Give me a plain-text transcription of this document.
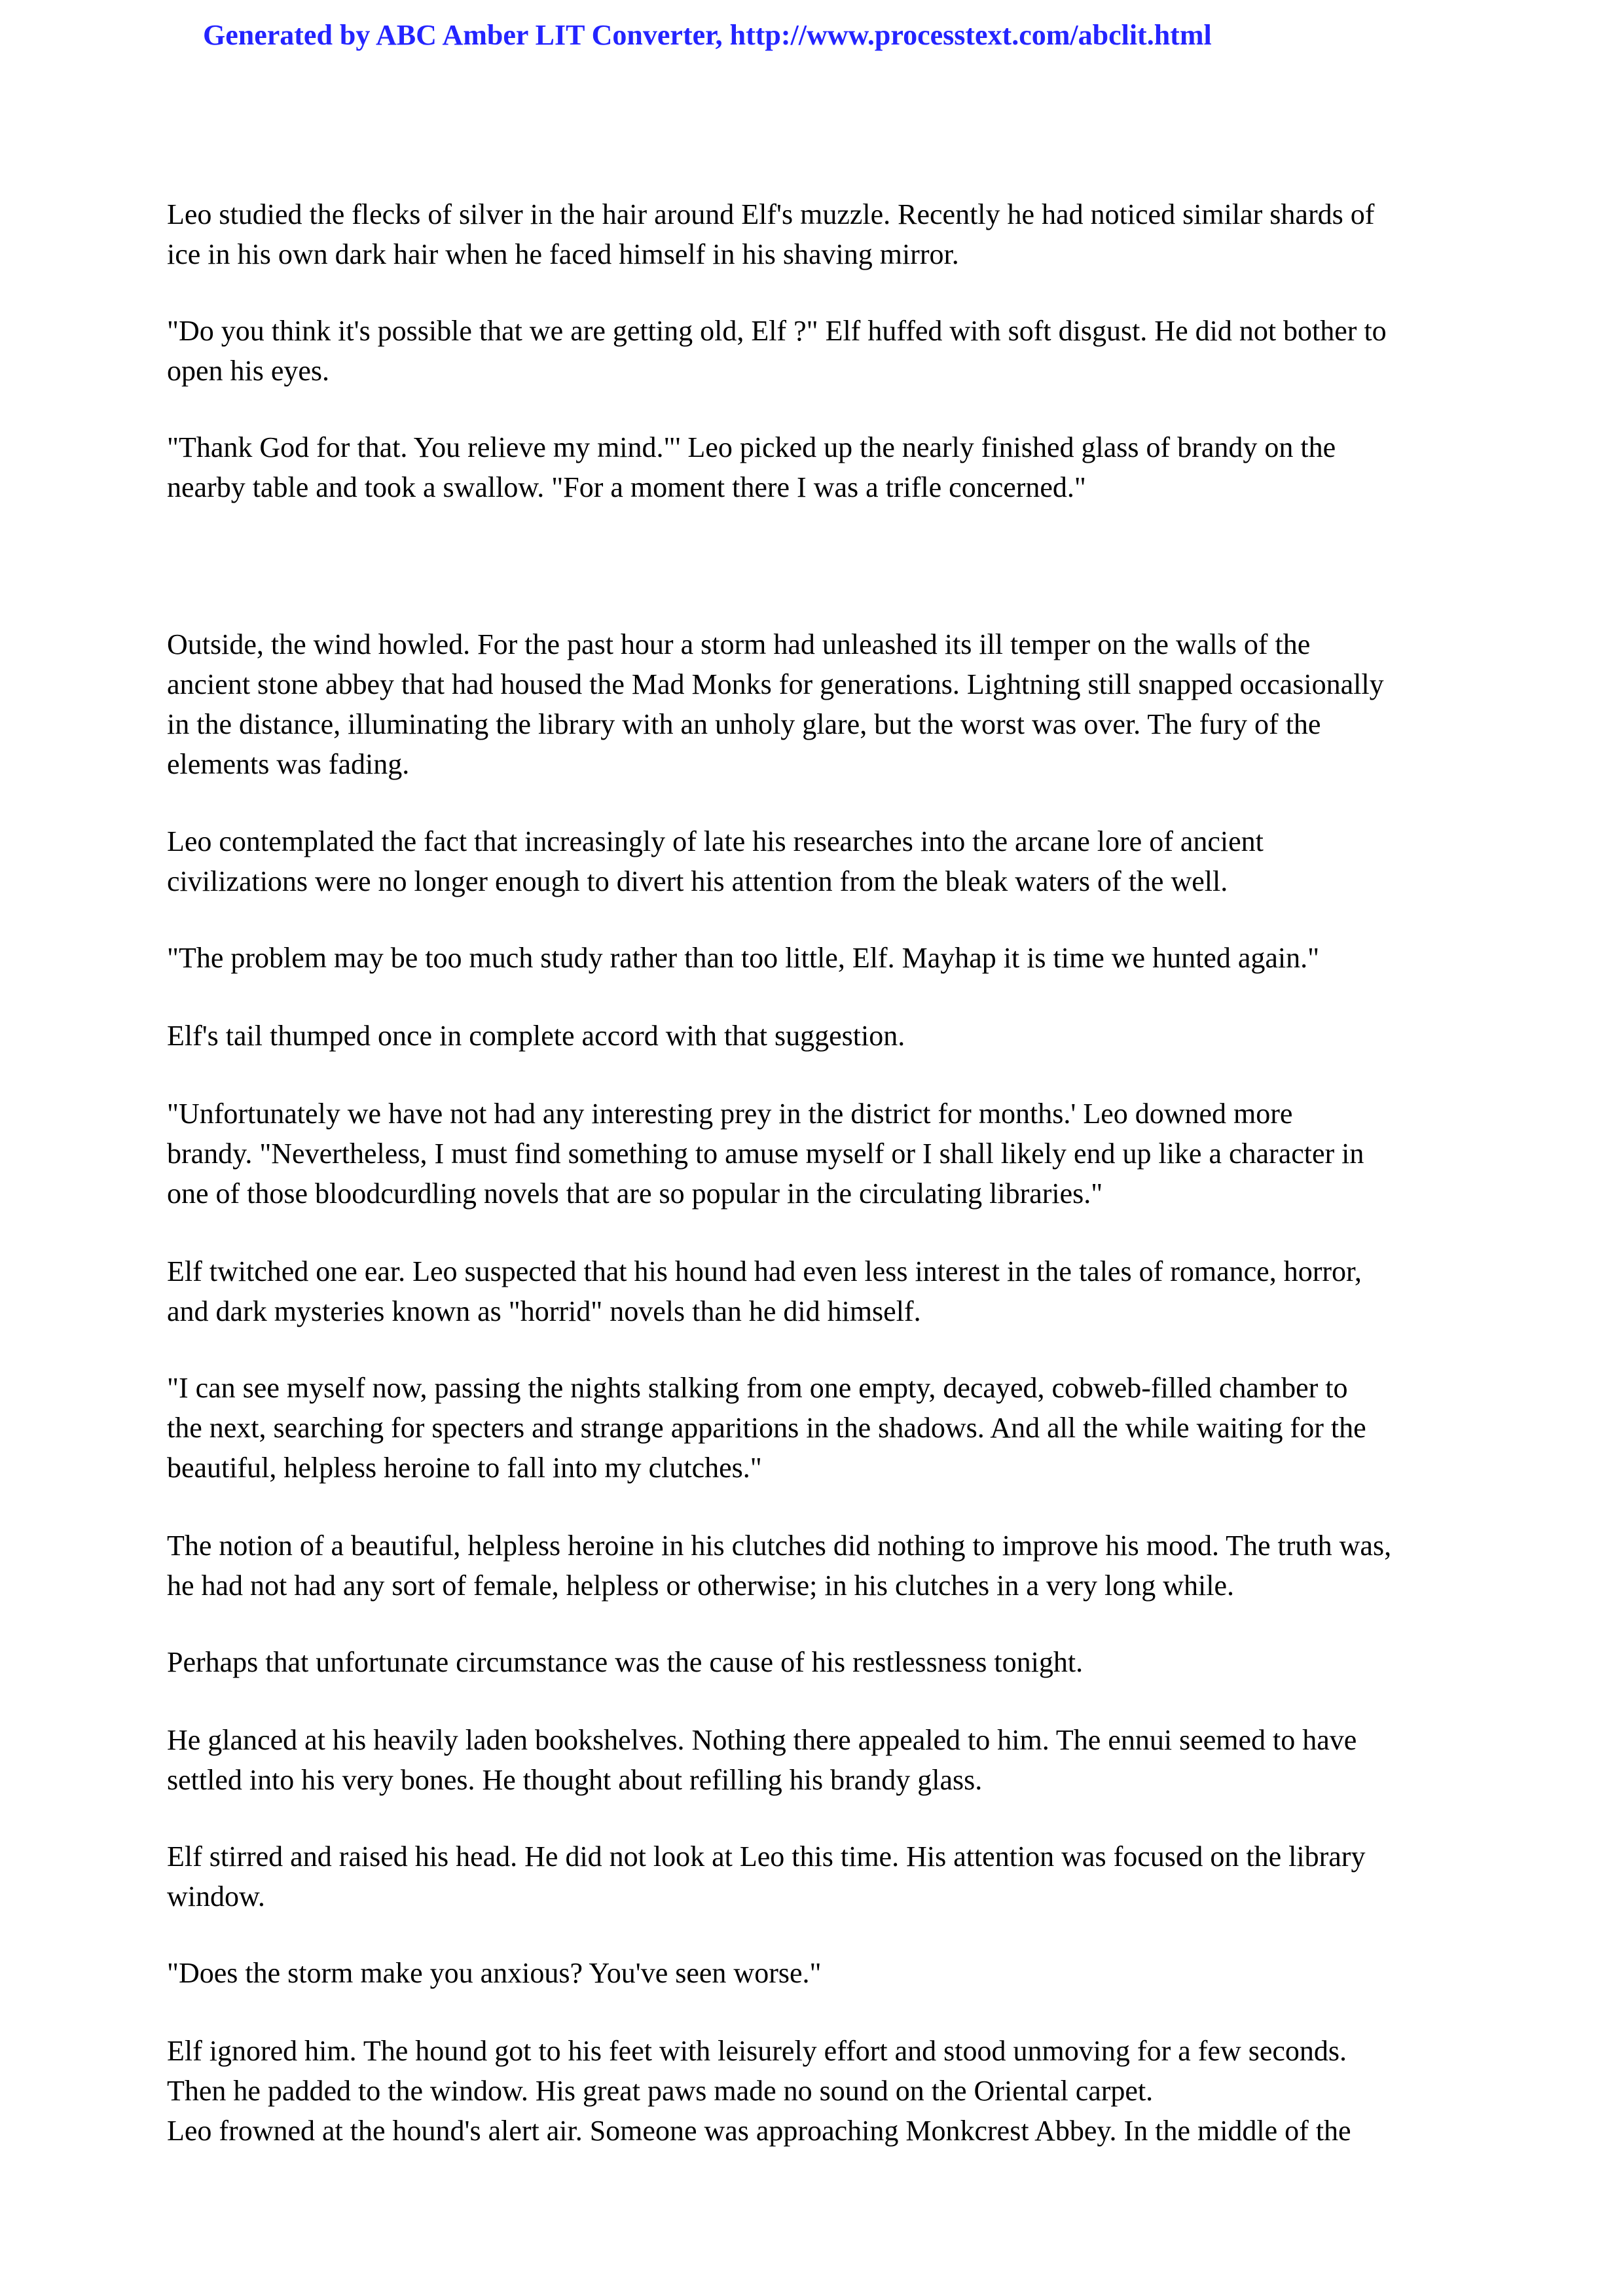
Generated by ABC Amber LIT Converter, http://www.processtext.com/abclit.html

Leo studied the flecks of silver in the hair around Elf's muzzle. Recently he had noticed similar shards of
ice in his own dark hair when he faced himself in his shaving mirror.

"Do you think it's possible that we are getting old, Elf ?" Elf huffed with soft disgust. He did not bother to
open his eyes.

"Thank God for that. You relieve my mind."' Leo picked up the nearly finished glass of brandy on the
nearby table and took a swallow. "For a moment there I was a trifle concerned."

Outside, the wind howled. For the past hour a storm had unleashed its ill temper on the walls of the
ancient stone abbey that had housed the Mad Monks for generations. Lightning still snapped occasionally
in the distance, illuminating the library with an unholy glare, but the worst was over. The fury of the
elements was fading.

Leo contemplated the fact that increasingly of late his researches into the arcane lore of ancient
civilizations were no longer enough to divert his attention from the bleak waters of the well.

"The problem may be too much study rather than too little, Elf. Mayhap it is time we hunted again."

Elf's tail thumped once in complete accord with that suggestion.

"Unfortunately we have not had any interesting prey in the district for months.' Leo downed more
brandy. "Nevertheless, I must find something to amuse myself or I shall likely end up like a character in
one of those bloodcurdling novels that are so popular in the circulating libraries."

Elf twitched one ear. Leo suspected that his hound had even less interest in the tales of romance, horror,
and dark mysteries known as "horrid" novels than he did himself.

"I can see myself now, passing the nights stalking from one empty, decayed, cobweb-filled chamber to
the next, searching for specters and strange apparitions in the shadows. And all the while waiting for the
beautiful, helpless heroine to fall into my clutches."

The notion of a beautiful, helpless heroine in his clutches did nothing to improve his mood. The truth was,
he had not had any sort of female, helpless or otherwise; in his clutches in a very long while.

Perhaps that unfortunate circumstance was the cause of his restlessness tonight.

He glanced at his heavily laden bookshelves. Nothing there appealed to him. The ennui seemed to have
settled into his very bones. He thought about refilling his brandy glass.

Elf stirred and raised his head. He did not look at Leo this time. His attention was focused on the library
window.

"Does the storm make you anxious? You've seen worse."

Elf ignored him. The hound got to his feet with leisurely effort and stood unmoving for a few seconds.
Then he padded to the window. His great paws made no sound on the Oriental carpet.
Leo frowned at the hound's alert air. Someone was approaching Monkcrest Abbey. In the middle of the
